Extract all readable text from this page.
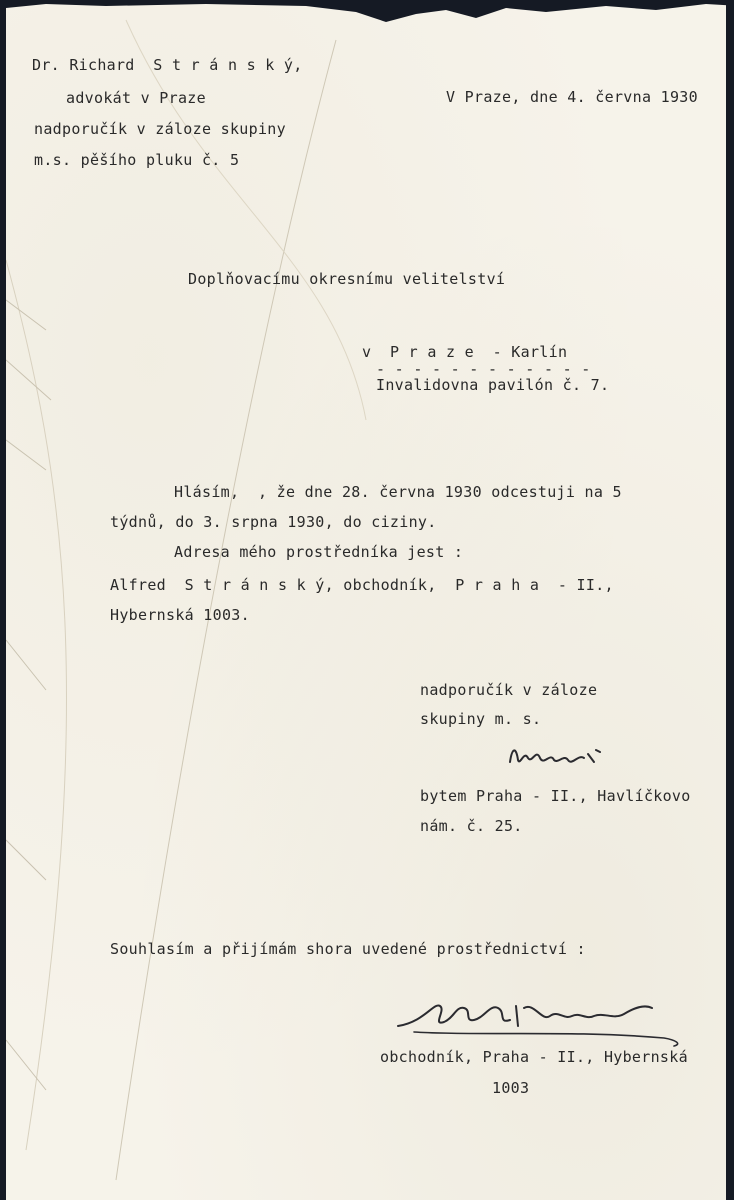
Dr. Richard  S t r á n s k ý,
advokát v Praze
nadporučík v záloze skupiny
m.s. pěšího pluku č. 5
V Praze, dne 4. června 1930
Doplňovacímu okresnímu velitelství
v  P r a z e  - Karlín
- - - - - - - - - - - -
Invalidovna pavilón č. 7.
Hlásím,  , že dne 28. června 1930 odcestuji na 5
týdnů, do 3. srpna 1930, do ciziny.
Adresa mého prostředníka jest :
Alfred  S t r á n s k ý, obchodník,  P r a h a  - II.,
Hybernská 1003.
nadporučík v záloze
skupiny m. s.
bytem Praha - II., Havlíčkovo
nám. č. 25.
Souhlasím a přijímám shora uvedené prostřednictví :
obchodník, Praha - II., Hybernská
1003
